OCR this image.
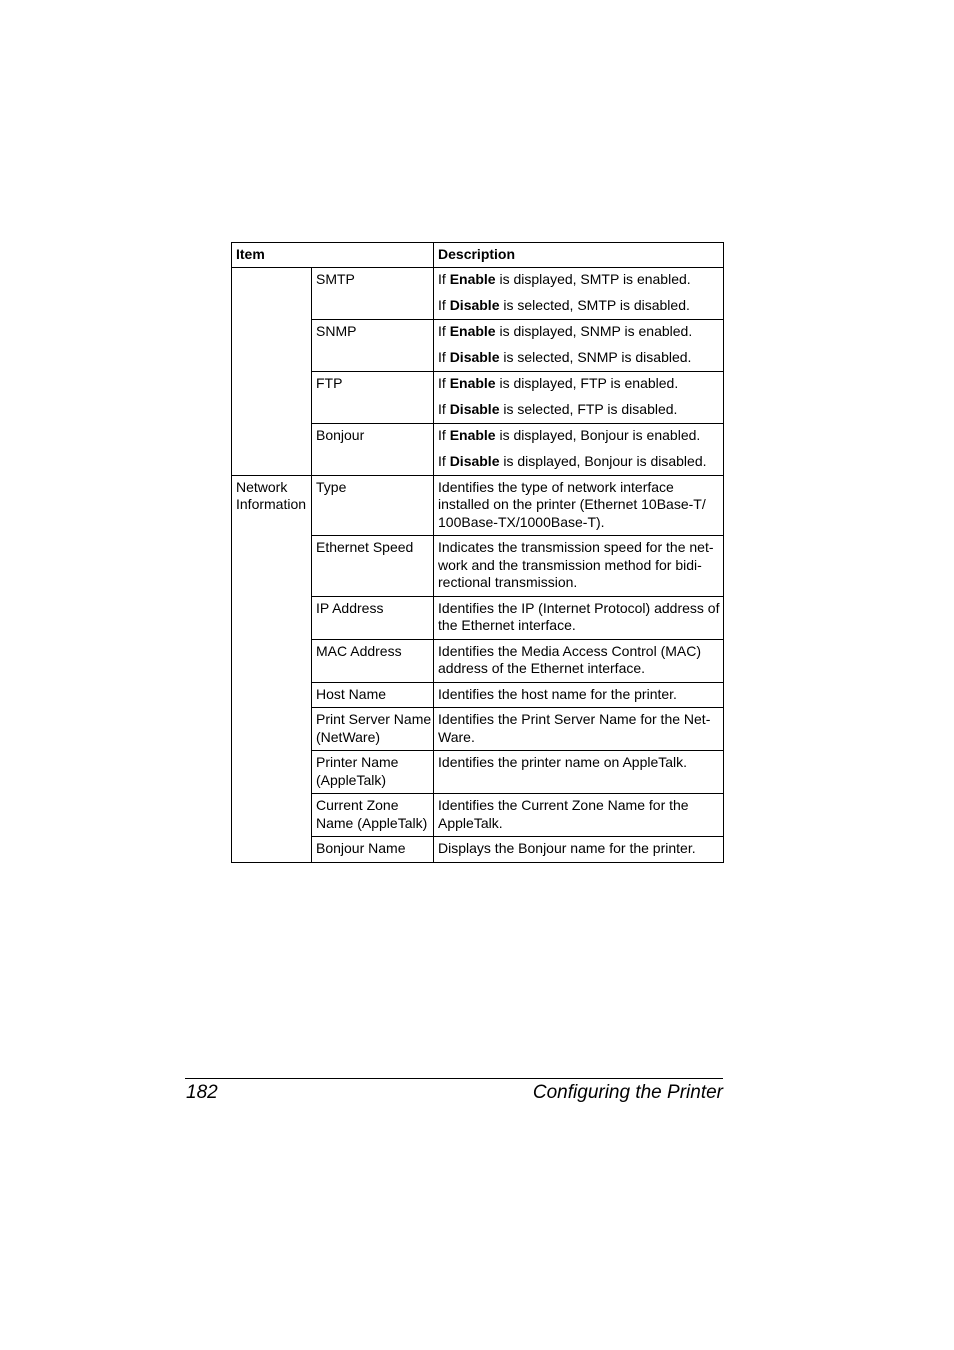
Item		Description
	SMTP	If Enable is displayed, SMTP is enabled.

If Disable is selected, SMTP is disabled.

	SNMP	If Enable is displayed, SNMP is enabled.

If Disable is selected, SNMP is disabled.

	FTP	If Enable is displayed, FTP is enabled.

If Disable is selected, FTP is disabled.

	Bonjour	If Enable is displayed, Bonjour is enabled.

If Disable is displayed, Bonjour is disabled.

Network
Information	Type	Identifies the type of network interface installed on the printer (Ethernet 10Base-T/ 100Base-TX/1000Base-T).
	Ethernet Speed	Indicates the transmission speed for the net-work and the transmission method for bidi-rectional transmission.
	IP Address	Identifies the IP (Internet Protocol) address of the Ethernet interface.
	MAC Address	Identifies the Media Access Control (MAC) address of the Ethernet interface.
	Host Name	Identifies the host name for the printer.
	Print Server Name (NetWare)	Identifies the Print Server Name for the Net-Ware.
	Printer Name (AppleTalk)	Identifies the printer name on AppleTalk.
	Current Zone Name (AppleTalk)	Identifies the Current Zone Name for the AppleTalk.
	Bonjour Name	Displays the Bonjour name for the printer.
182	Configuring the Printer
